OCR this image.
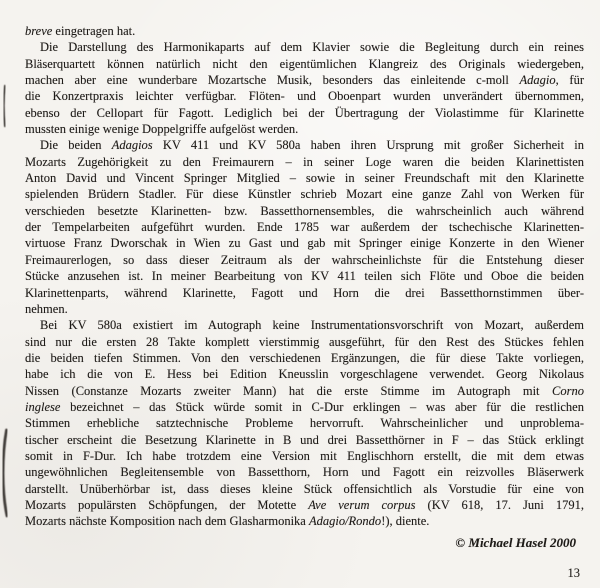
breve eingetragen hat.
Die Darstellung des Harmonikaparts auf dem Klavier sowie die Begleitung durch ein reines
Bläserquartett können natürlich nicht den eigentümlichen Klangreiz des Originals wiedergeben,
machen aber eine wunderbare Mozartsche Musik, besonders das einleitende c-moll Adagio, für
die Konzertpraxis leichter verfügbar. Flöten- und Oboenpart wurden unverändert übernommen,
ebenso der Cellopart für Fagott. Lediglich bei der Übertragung der Violastimme für Klarinette
mussten einige wenige Doppelgriffe aufgelöst werden.
Die beiden Adagios KV 411 und KV 580a haben ihren Ursprung mit großer Sicherheit in
Mozarts Zugehörigkeit zu den Freimaurern – in seiner Loge waren die beiden Klarinettisten
Anton David und Vincent Springer Mitglied – sowie in seiner Freundschaft mit den Klarinette
spielenden Brüdern Stadler. Für diese Künstler schrieb Mozart eine ganze Zahl von Werken für
verschieden besetzte Klarinetten- bzw. Bassetthornensembles, die wahrscheinlich auch während
der Tempelarbeiten aufgeführt wurden. Ende 1785 war außerdem der tschechische Klarinetten-
virtuose Franz Dworschak in Wien zu Gast und gab mit Springer einige Konzerte in den Wiener
Freimaurerlogen, so dass dieser Zeitraum als der wahrscheinlichste für die Entstehung dieser
Stücke anzusehen ist. In meiner Bearbeitung von KV 411 teilen sich Flöte und Oboe die beiden
Klarinettenparts, während Klarinette, Fagott und Horn die drei Bassetthornstimmen über-
nehmen.
Bei KV 580a existiert im Autograph keine Instrumentationsvorschrift von Mozart, außerdem
sind nur die ersten 28 Takte komplett vierstimmig ausgeführt, für den Rest des Stückes fehlen
die beiden tiefen Stimmen. Von den verschiedenen Ergänzungen, die für diese Takte vorliegen,
habe ich die von E. Hess bei Edition Kneusslin vorgeschlagene verwendet. Georg Nikolaus
Nissen (Constanze Mozarts zweiter Mann) hat die erste Stimme im Autograph mit Corno
inglese bezeichnet – das Stück würde somit in C-Dur erklingen – was aber für die restlichen
Stimmen erhebliche satztechnische Probleme hervorruft. Wahrscheinlicher und unproblema-
tischer erscheint die Besetzung Klarinette in B und drei Bassetthörner in F – das Stück erklingt
somit in F-Dur. Ich habe trotzdem eine Version mit Englischhorn erstellt, die mit dem etwas
ungewöhnlichen Begleitensemble von Bassetthorn, Horn und Fagott ein reizvolles Bläserwerk
darstellt. Unüberhörbar ist, dass dieses kleine Stück offensichtlich als Vorstudie für eine von
Mozarts populärsten Schöpfungen, der Motette Ave verum corpus (KV 618, 17. Juni 1791,
Mozarts nächste Komposition nach dem Glasharmonika Adagio/Rondo!), diente.
© Michael Hasel 2000
13
